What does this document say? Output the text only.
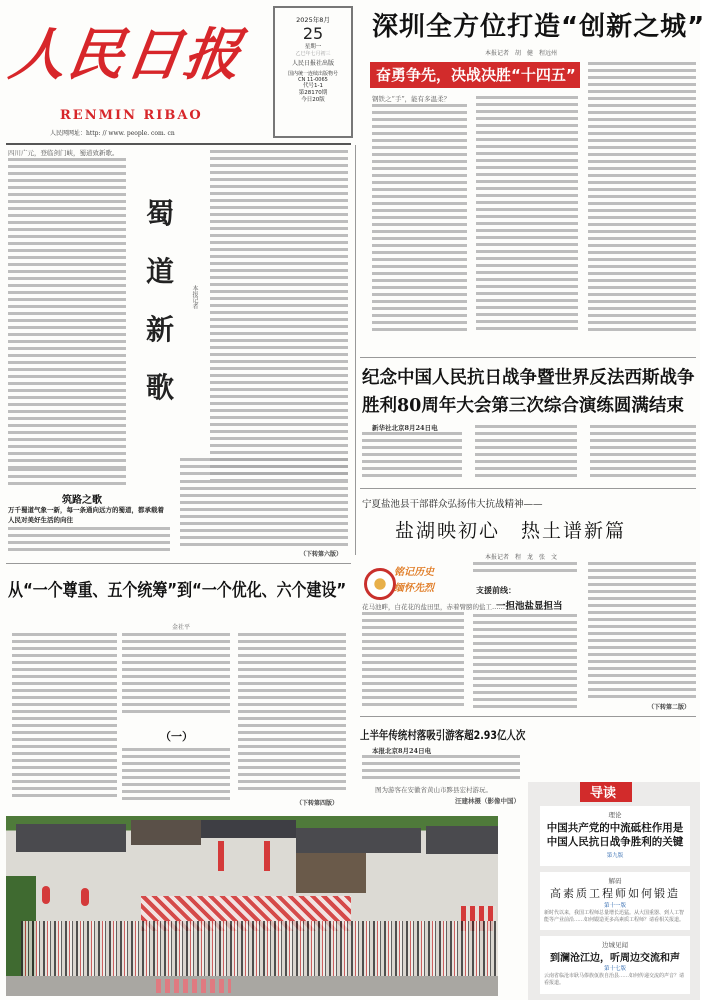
人民日报
RENMIN RIBAO
人民网网址：http: // www. people. com. cn
2025年8月
25
星期一
乙巳年七月初三
人民日报社出版
国内统一连续出版物号
CN 11-0065
代号1-1
第28170期
今日20版
深圳全方位打造“创新之城”
本报记者　胡　健　程远州
奋勇争先，决战决胜“十四五”
钢铁之“手”，能有多温柔？
四川广元，登临剑门峡，蜀道致新歌。
蜀
道
新
歌
本报记者
筑路之歌
万千蜀道气象一新，每一条通向远方的蜀道，都承载着人民对美好生活的向往
（下转第六版）
从“一个尊重、五个统筹”到“一个优化、六个建设”
金社平
（一）
（下转第四版）
纪念中国人民抗日战争暨世界反法西斯战争
胜利80周年大会第三次综合演练圆满结束
新华社北京8月24日电
宁夏盐池县干部群众弘扬伟大抗战精神——
盐湖映初心　热土谱新篇
本报记者　程　龙　张　文
铭记历史 缅怀先烈
花马池畔，白花花的盐田里，赤着臂膀的盐工……
支援前线：
一担池盐显担当
（下转第二版）
上半年传统村落吸引游客超2.93亿人次
本报北京8月24日电
图为游客在安徽省黄山市黟县宏村游玩。
汪建林摄（影像中国）	导读
理论
中国共产党的中流砥柱作用是中国人民抗日战争胜利的关键
第九版
解码
高素质工程师如何锻造
第十一版
新时代以来，我国工程师总量增长迅猛。从大国重器、到人工智能等产业前沿……如何锻造更多高素质工程师？请看相关报道。
边城见闻
到澜沧江边，听周边交流和声
第十七版
云南省临沧市耿马傣族佤族自治县……如何传递交流的声音？请看报道。
